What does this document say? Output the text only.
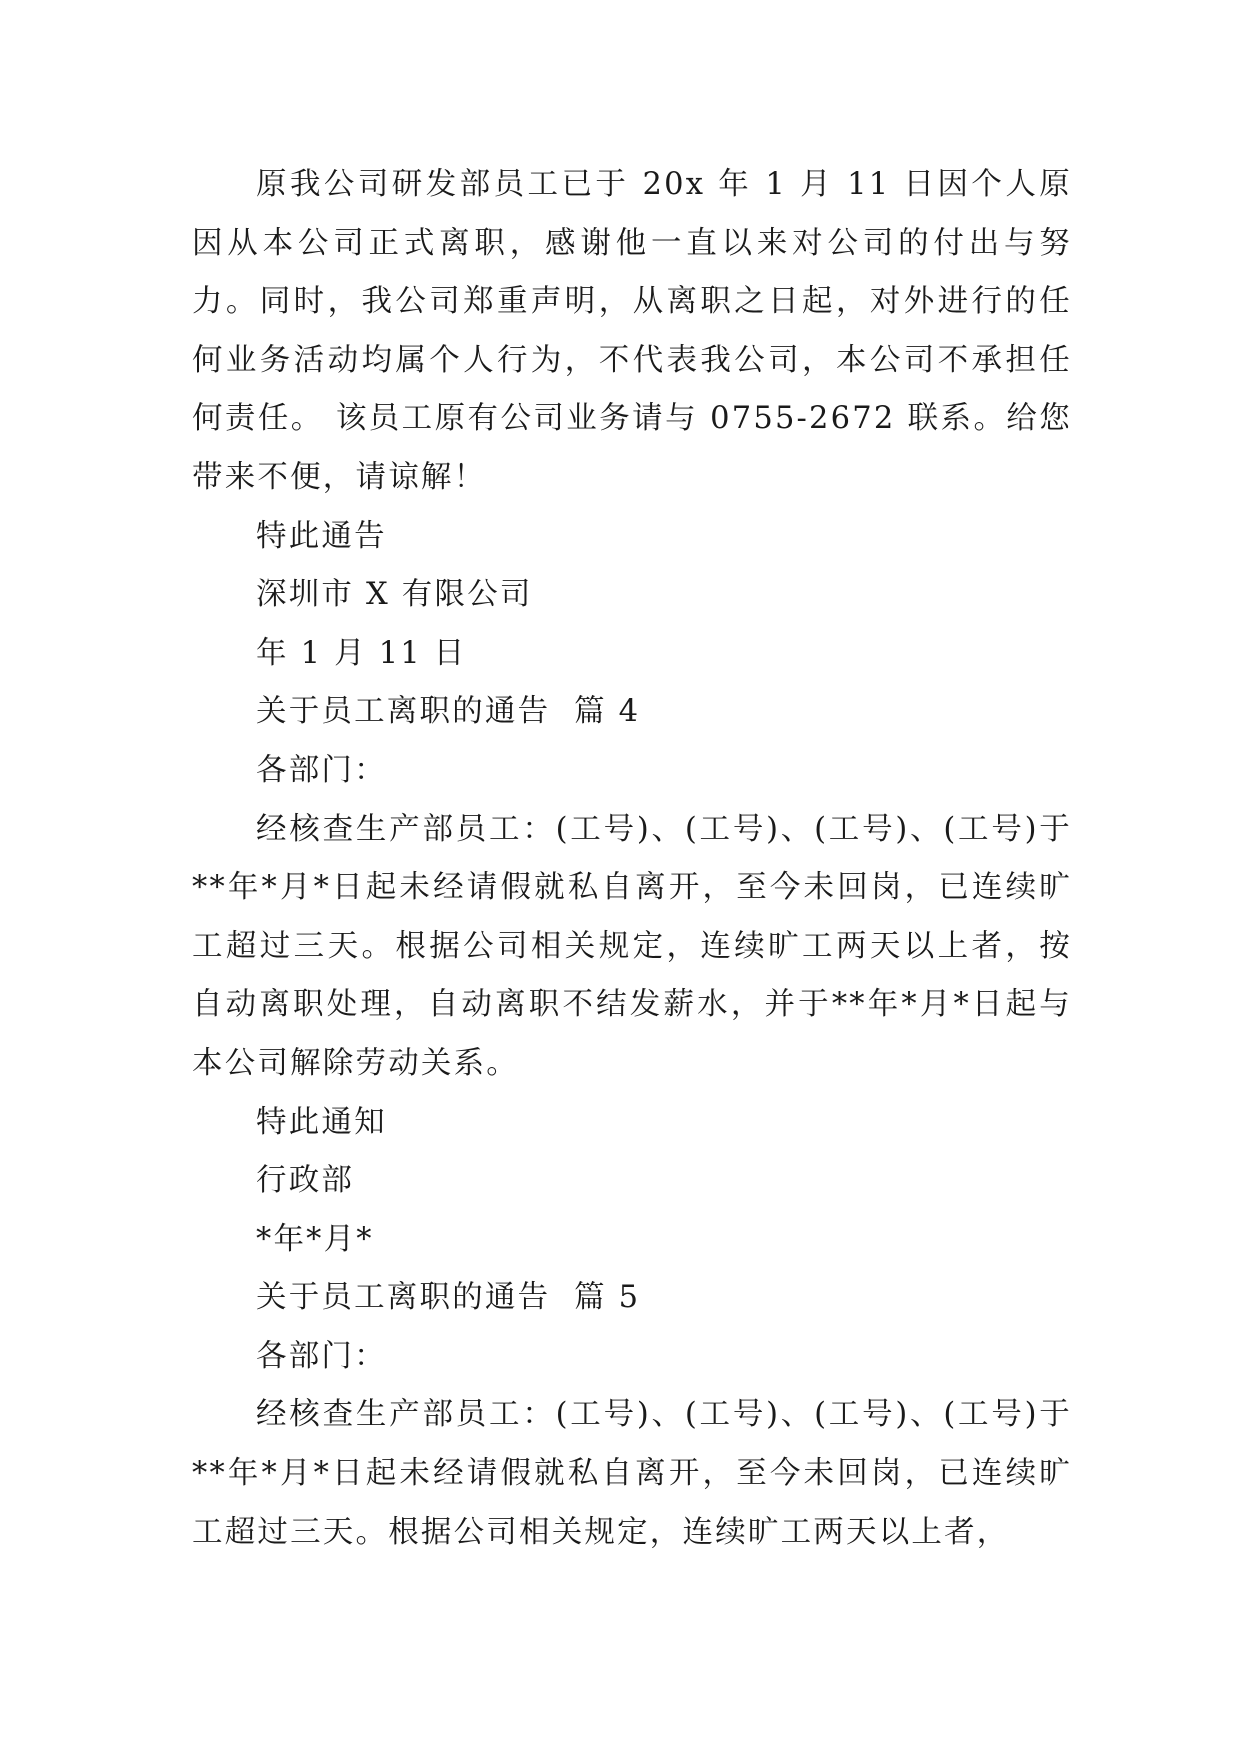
原我公司研发部员工已于 20x 年 1 月 11 日因个人原因从本公司正式离职，感谢他一直以来对公司的付出与努力。同时，我公司郑重声明，从离职之日起，对外进行的任何业务活动均属个人行为，不代表我公司，本公司不承担任何责任。 该员工原有公司业务请与 0755-2672 联系。给您带来不便，请谅解！

特此通告

深圳市 X 有限公司

年 1 月 11 日

关于员工离职的通告  篇 4

各部门：

经核查生产部员工：(工号)、(工号)、(工号)、(工号)于**年*月*日起未经请假就私自离开，至今未回岗，已连续旷工超过三天。根据公司相关规定，连续旷工两天以上者，按自动离职处理，自动离职不结发薪水，并于**年*月*日起与本公司解除劳动关系。

特此通知

行政部

*年*月*

关于员工离职的通告  篇 5

各部门：

经核查生产部员工：(工号)、(工号)、(工号)、(工号)于**年*月*日起未经请假就私自离开，至今未回岗，已连续旷工超过三天。根据公司相关规定，连续旷工两天以上者，
